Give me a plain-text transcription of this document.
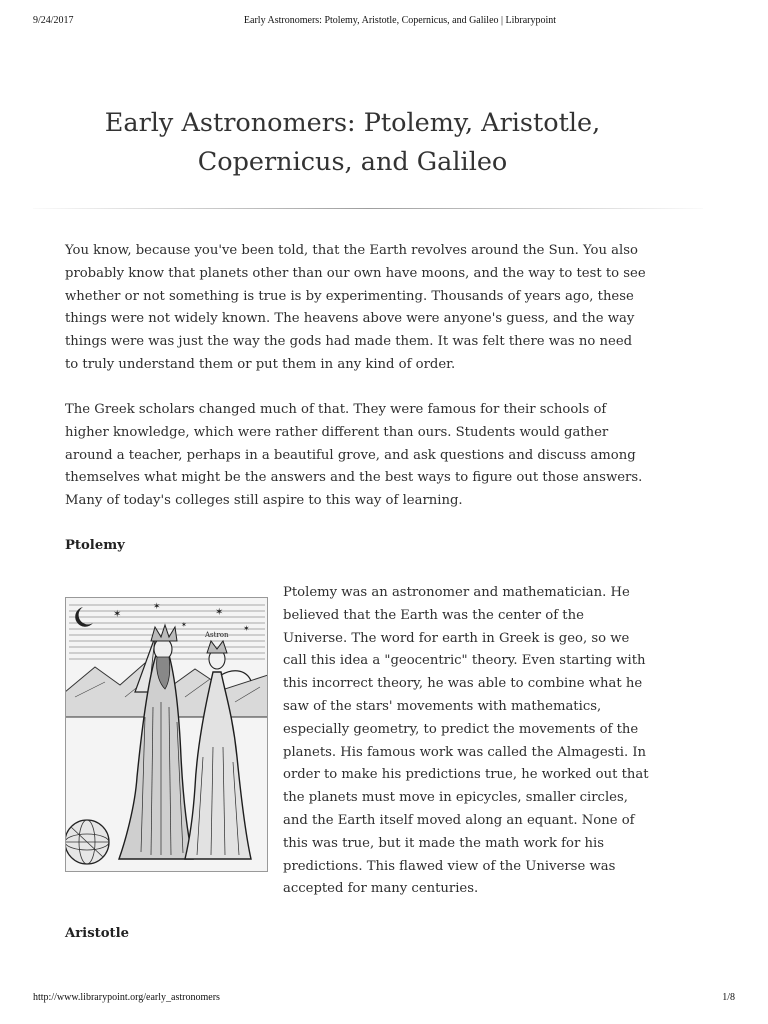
9/24/2017	Early Astronomers: Ptolemy, Aristotle, Copernicus, and Galileo | Librarypoint
Early Astronomers: Ptolemy, Aristotle, Copernicus, and Galileo

You know, because you've been told, that the Earth revolves around the Sun. You also probably know that planets other than our own have moons, and the way to test to see whether or not something is true is by experimenting. Thousands of years ago, these things were not widely known. The heavens above were anyone's guess, and the way things were was just the way the gods had made them. It was felt there was no need to truly understand them or put them in any kind of order.

The Greek scholars changed much of that. They were famous for their schools of higher knowledge, which were rather different than ours. Students would gather around a teacher, perhaps in a beautiful grove, and ask questions and discuss among themselves what might be the answers and the best ways to figure out those answers. Many of today's colleges still aspire to this way of learning.

Ptolemy
✶
✶	✶
✶
✶
Astron

Ptolemy was an astronomer and mathematician. He believed that the Earth was the center of the Universe. The word for earth in Greek is geo, so we call this idea a "geocentric" theory. Even starting with this incorrect theory, he was able to combine what he saw of the stars' movements with mathematics, especially geometry, to predict the movements of the planets. His famous work was called the Almagesti. In order to make his predictions true, he worked out that the planets must move in epicycles, smaller circles, and the Earth itself moved along an equant. None of this was true, but it made the math work for his predictions. This flawed view of the Universe was accepted for many centuries.

Aristotle
http://www.librarypoint.org/early_astronomers	1/8
